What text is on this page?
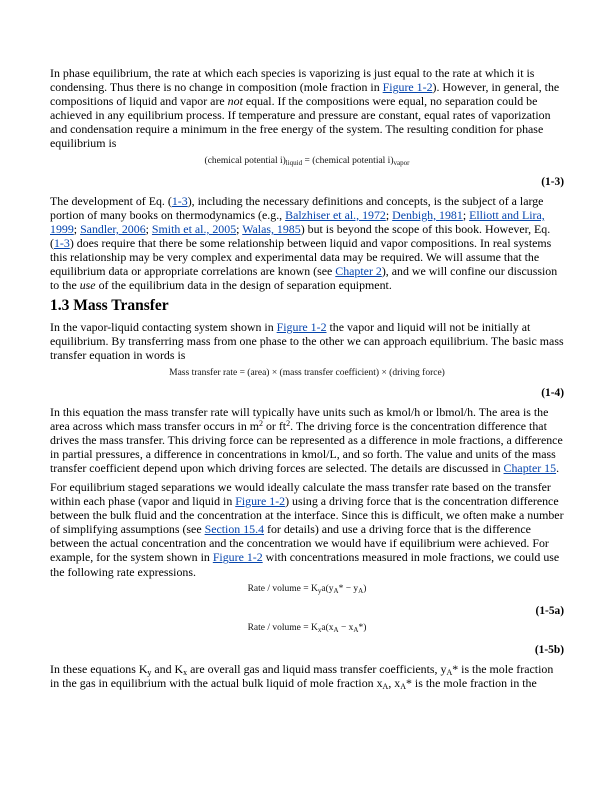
In phase equilibrium, the rate at which each species is vaporizing is just equal to the rate at which it is condensing. Thus there is no change in composition (mole fraction in Figure 1-2). However, in general, the compositions of liquid and vapor are not equal. If the compositions were equal, no separation could be achieved in any equilibrium process. If temperature and pressure are constant, equal rates of vaporization and condensation require a minimum in the free energy of the system. The resulting condition for phase equilibrium is

(chemical potential $i)_{liquid}$ = (chemical potential $i)_{vapor}$

(1-3)

The development of Eq. (1-3), including the necessary definitions and concepts, is the subject of a large portion of many books on thermodynamics (e.g., Balzhiser et al., 1972; Denbigh, 1981; Elliott and Lira, 1999; Sandler, 2006; Smith et al., 2005; Walas, 1985) but is beyond the scope of this book. However, Eq. (1-3) does require that there be some relationship between liquid and vapor compositions. In real systems this relationship may be very complex and experimental data may be required. We will assume that the equilibrium data or appropriate correlations are known (see Chapter 2), and we will confine our discussion to the use of the equilibrium data in the design of separation equipment.

1.3 Mass Transfer

In the vapor-liquid contacting system shown in Figure 1-2 the vapor and liquid will not be initially at equilibrium. By transferring mass from one phase to the other we can approach equilibrium. The basic mass transfer equation in words is

Mass transfer rate = (area) × (mass transfer coefficient) × (driving force)

(1-4)

In this equation the mass transfer rate will typically have units such as kmol/h or lbmol/h. The area is the area across which mass transfer occurs in $m^2$ or $ft^2$. The driving force is the concentration difference that drives the mass transfer. This driving force can be represented as a difference in mole fractions, a difference in partial pressures, a difference in concentrations in kmol/L, and so forth. The value and units of the mass transfer coefficient depend upon which driving forces are selected. The details are discussed in Chapter 15.

For equilibrium staged separations we would ideally calculate the mass transfer rate based on the transfer within each phase (vapor and liquid in Figure 1-2) using a driving force that is the concentration difference between the bulk fluid and the concentration at the interface. Since this is difficult, we often make a number of simplifying assumptions (see Section 15.4 for details) and use a driving force that is the difference between the actual concentration and the concentration we would have if equilibrium were achieved. For example, for the system shown in Figure 1-2 with concentrations measured in mole fractions, we could use the following rate expressions.

Rate / volume = $K_ya(y_A* - y_A)$

(1-5a)

Rate / volume = $K_xa(x_A - x_A*)$

(1-5b)

In these equations $K_y$ and $K_x$ are overall gas and liquid mass transfer coefficients, $y_A*$ is the mole fraction in the gas in equilibrium with the actual bulk liquid of mole fraction $x_A$, $x_A*$ is the mole fraction in the
